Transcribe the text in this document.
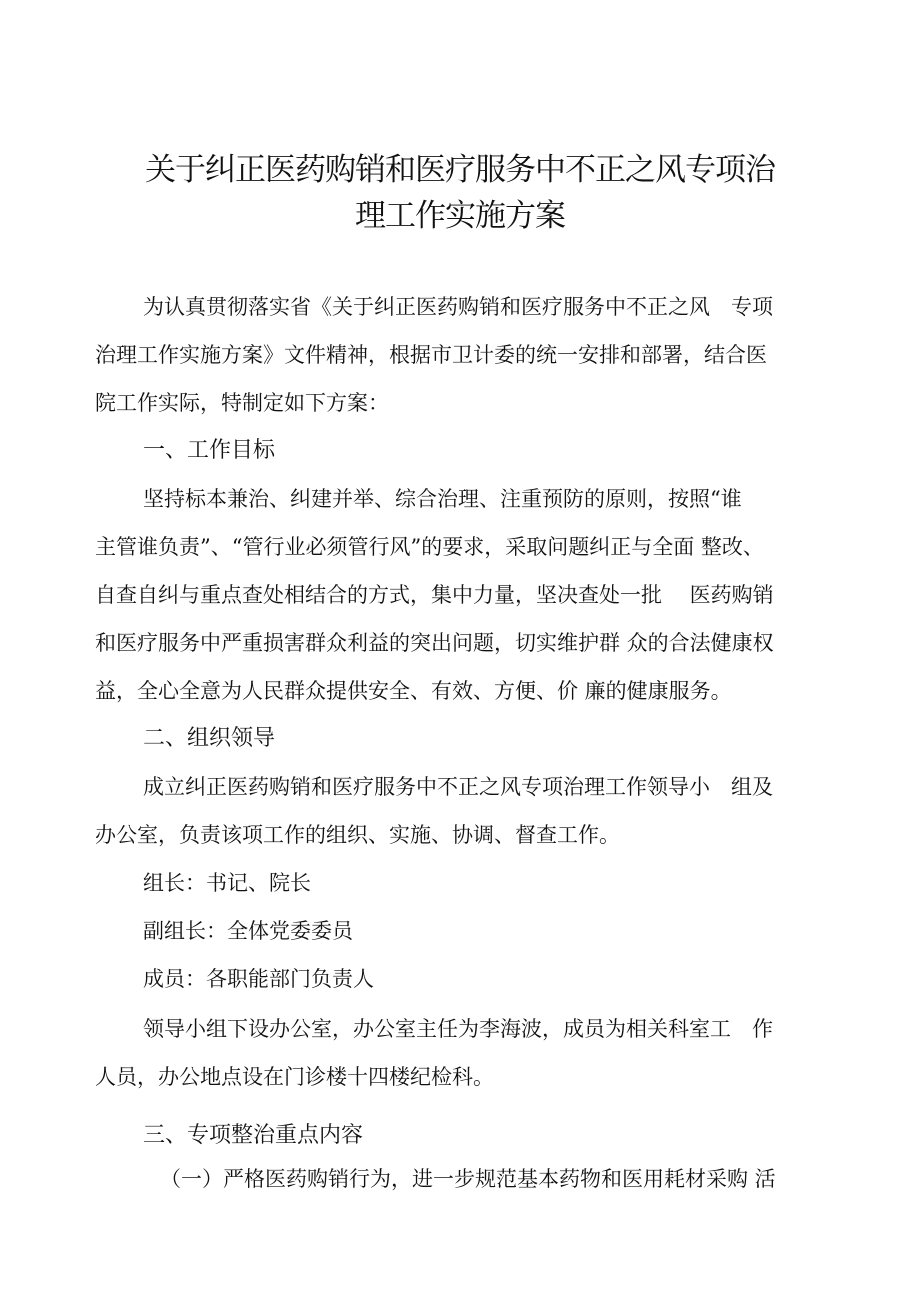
关于纠正医药购销和医疗服务中不正之风专项治
理工作实施方案
为认真贯彻落实省《关于纠正医药购销和医疗服务中不正之风　专项
治理工作实施方案》文件精神，根据市卫计委的统一安排和部署，结合医
院工作实际，特制定如下方案：
一、工作目标
坚持标本兼治、纠建并举、综合治理、注重预防的原则，按照“谁
主管谁负责”、“管行业必须管行风”的要求，采取问题纠正与全面 整改、
自查自纠与重点查处相结合的方式，集中力量，坚决查处一批　 医药购销
和医疗服务中严重损害群众利益的突出问题，切实维护群 众的合法健康权
益，全心全意为人民群众提供安全、有效、方便、价 廉的健康服务。
二、组织领导
成立纠正医药购销和医疗服务中不正之风专项治理工作领导小　组及
办公室，负责该项工作的组织、实施、协调、督查工作。
组长：书记、院长
副组长：全体党委委员
成员：各职能部门负责人
领导小组下设办公室，办公室主任为李海波，成员为相关科室工　作
人员，办公地点设在门诊楼十四楼纪检科。
三、专项整治重点内容
（一）严格医药购销行为，进一步规范基本药物和医用耗材采购 活
